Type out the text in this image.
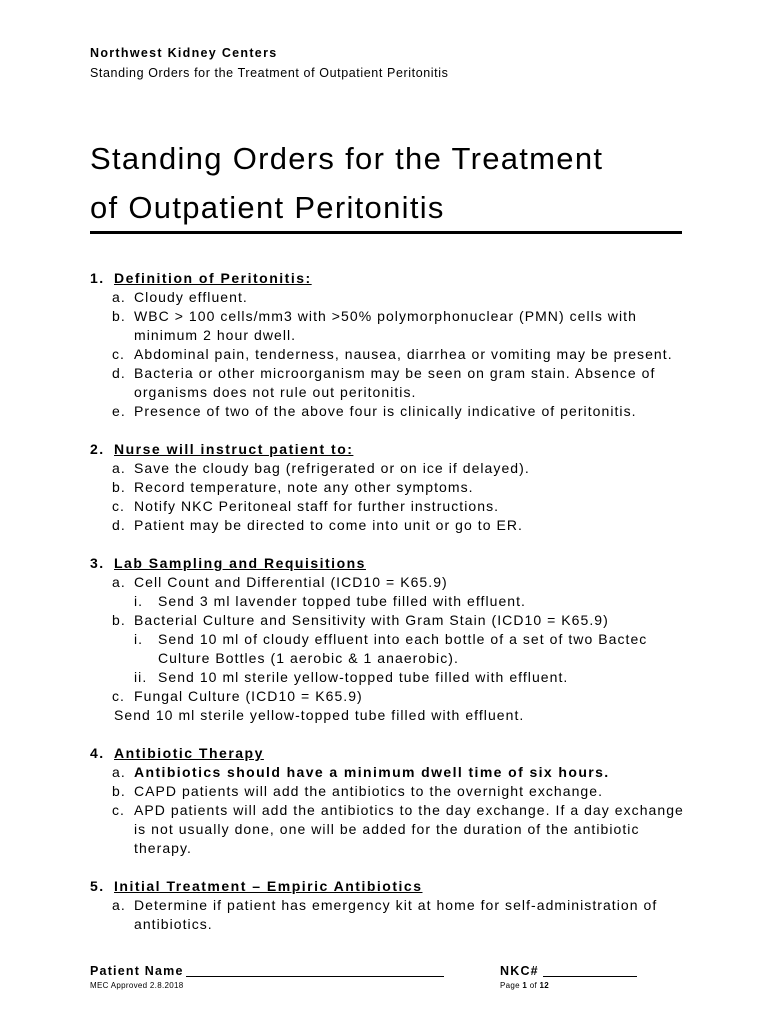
Northwest Kidney Centers
Standing Orders for the Treatment of Outpatient Peritonitis
Standing Orders for the Treatment
of Outpatient Peritonitis
1. Definition of Peritonitis:
a. Cloudy effluent.
b. WBC > 100 cells/mm3 with >50% polymorphonuclear (PMN) cells with minimum 2 hour dwell.
c. Abdominal pain, tenderness, nausea, diarrhea or vomiting may be present.
d. Bacteria or other microorganism may be seen on gram stain. Absence of organisms does not rule out peritonitis.
e. Presence of two of the above four is clinically indicative of peritonitis.
2. Nurse will instruct patient to:
a. Save the cloudy bag (refrigerated or on ice if delayed).
b. Record temperature, note any other symptoms.
c. Notify NKC Peritoneal staff for further instructions.
d. Patient may be directed to come into unit or go to ER.
3. Lab Sampling and Requisitions
a. Cell Count and Differential (ICD10 = K65.9)
i.	Send 3 ml lavender topped tube filled with effluent.
b. Bacterial Culture and Sensitivity with Gram Stain (ICD10 = K65.9)
i.	Send 10 ml of cloudy effluent into each bottle of a set of two Bactec Culture Bottles (1 aerobic & 1 anaerobic).
ii. Send 10 ml sterile yellow-topped tube filled with effluent.
c. Fungal Culture (ICD10 = K65.9)
Send 10 ml sterile yellow-topped tube filled with effluent.
4. Antibiotic Therapy
a. Antibiotics should have a minimum dwell time of six hours.
b. CAPD patients will add the antibiotics to the overnight exchange.
c. APD patients will add the antibiotics to the day exchange. If a day exchange is not usually done, one will be added for the duration of the antibiotic therapy.
5. Initial Treatment – Empiric Antibiotics
a. Determine if patient has emergency kit at home for self-administration of antibiotics.
Patient Name	NKC#
MEC Approved 2.8.2018	Page 1 of 12
